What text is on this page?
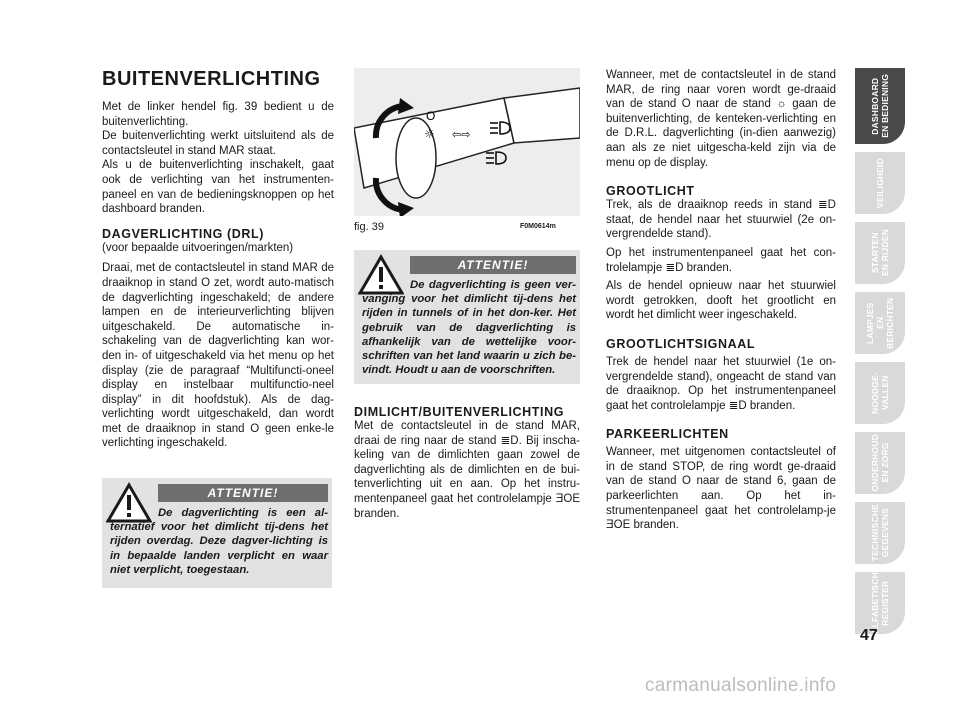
BUITENVERLICHTING

Met de linker hendel fig. 39 bedient u de buitenverlichting.

De buitenverlichting werkt uitsluitend als de contactsleutel in stand MAR staat.

Als u de buitenverlichting inschakelt, gaat ook de verlichting van het instrumenten-paneel en van de bedieningsknoppen op het dashboard branden.

DAGVERLICHTING (DRL)

(voor bepaalde uitvoeringen/markten)

Draai, met de contactsleutel in stand MAR de draaiknop in stand O zet, wordt auto-matisch de dagverlichting ingeschakeld; de andere lampen en de interieurverlichting blijven uitgeschakeld. De automatische in-schakeling van de dagverlichting kan wor-den in- of uitgeschakeld via het menu op het display (zie de paragraaf “Multifuncti-oneel display en instelbaar multifunctio-neel display” in dit hoofdstuk). Als de dag-verlichting wordt uitgeschakeld, dan wordt met de draaiknop in stand O geen enke-le verlichting ingeschakeld.

ATTENTIE!
De dagverlichting is een al-ternatief voor het dimlicht tij-dens het rijden overdag. Deze dagver-lichting is in bepaalde landen verplicht en waar niet verplicht, toegestaan.
O
☼ ⇦⇨
fig. 39	F0M0614m
ATTENTIE!
De dagverlichting is geen ver-vanging voor het dimlicht tij-dens het rijden in tunnels of in het don-ker. Het gebruik van de dagverlichting is afhankelijk van de wettelijke voor-schriften van het land waarin u zich be-vindt. Houdt u aan de voorschriften.

DIMLICHT/BUITENVERLICHTING

Met de contactsleutel in de stand MAR, draai de ring naar de stand ≣D. Bij inscha-keling van de dimlichten gaan zowel de dagverlichting als de dimlichten en de bui-tenverlichting uit en aan. Op het instru-mentenpaneel gaat het controlelampje ƎOE branden.

Wanneer, met de contactsleutel in de stand MAR, de ring naar voren wordt ge-draaid van de stand O naar de stand ☼ gaan de buitenverlichting, de kenteken-verlichting en de D.R.L. dagverlichting (in-dien aanwezig) aan als ze niet uitgescha-keld zijn via de menu op de display.

GROOTLICHT

Trek, als de draaiknop reeds in stand ≣D staat, de hendel naar het stuurwiel (2e on-vergrendelde stand).

Op het instrumentenpaneel gaat het con-trolelampje ≣D branden.

Als de hendel opnieuw naar het stuurwiel wordt getrokken, dooft het grootlicht en wordt het dimlicht weer ingeschakeld.

GROOTLICHTSIGNAAL

Trek de hendel naar het stuurwiel (1e on-vergrendelde stand), ongeacht de stand van de draaiknop. Op het instrumentenpaneel gaat het controlelampje ≣D branden.

PARKEERLICHTEN

Wanneer, met uitgenomen contactsleutel of in de stand STOP, de ring wordt ge-draaid van de stand O naar de stand 6, gaan de parkeerlichten aan. Op het in-strumentenpaneel gaat het controlelamp-je ƎOE branden.

DASHBOARD
EN BEDIENING
VEILIGHEID
STARTEN
EN RIJDEN
LAMPJES
EN BERICHTEN
NOODGE-
VALLEN
ONDERHOUD
EN ZORG
TECHNISCHE
GEGEVENS
ALFABETISCH
REGISTER
47
carmanualsonline.info
